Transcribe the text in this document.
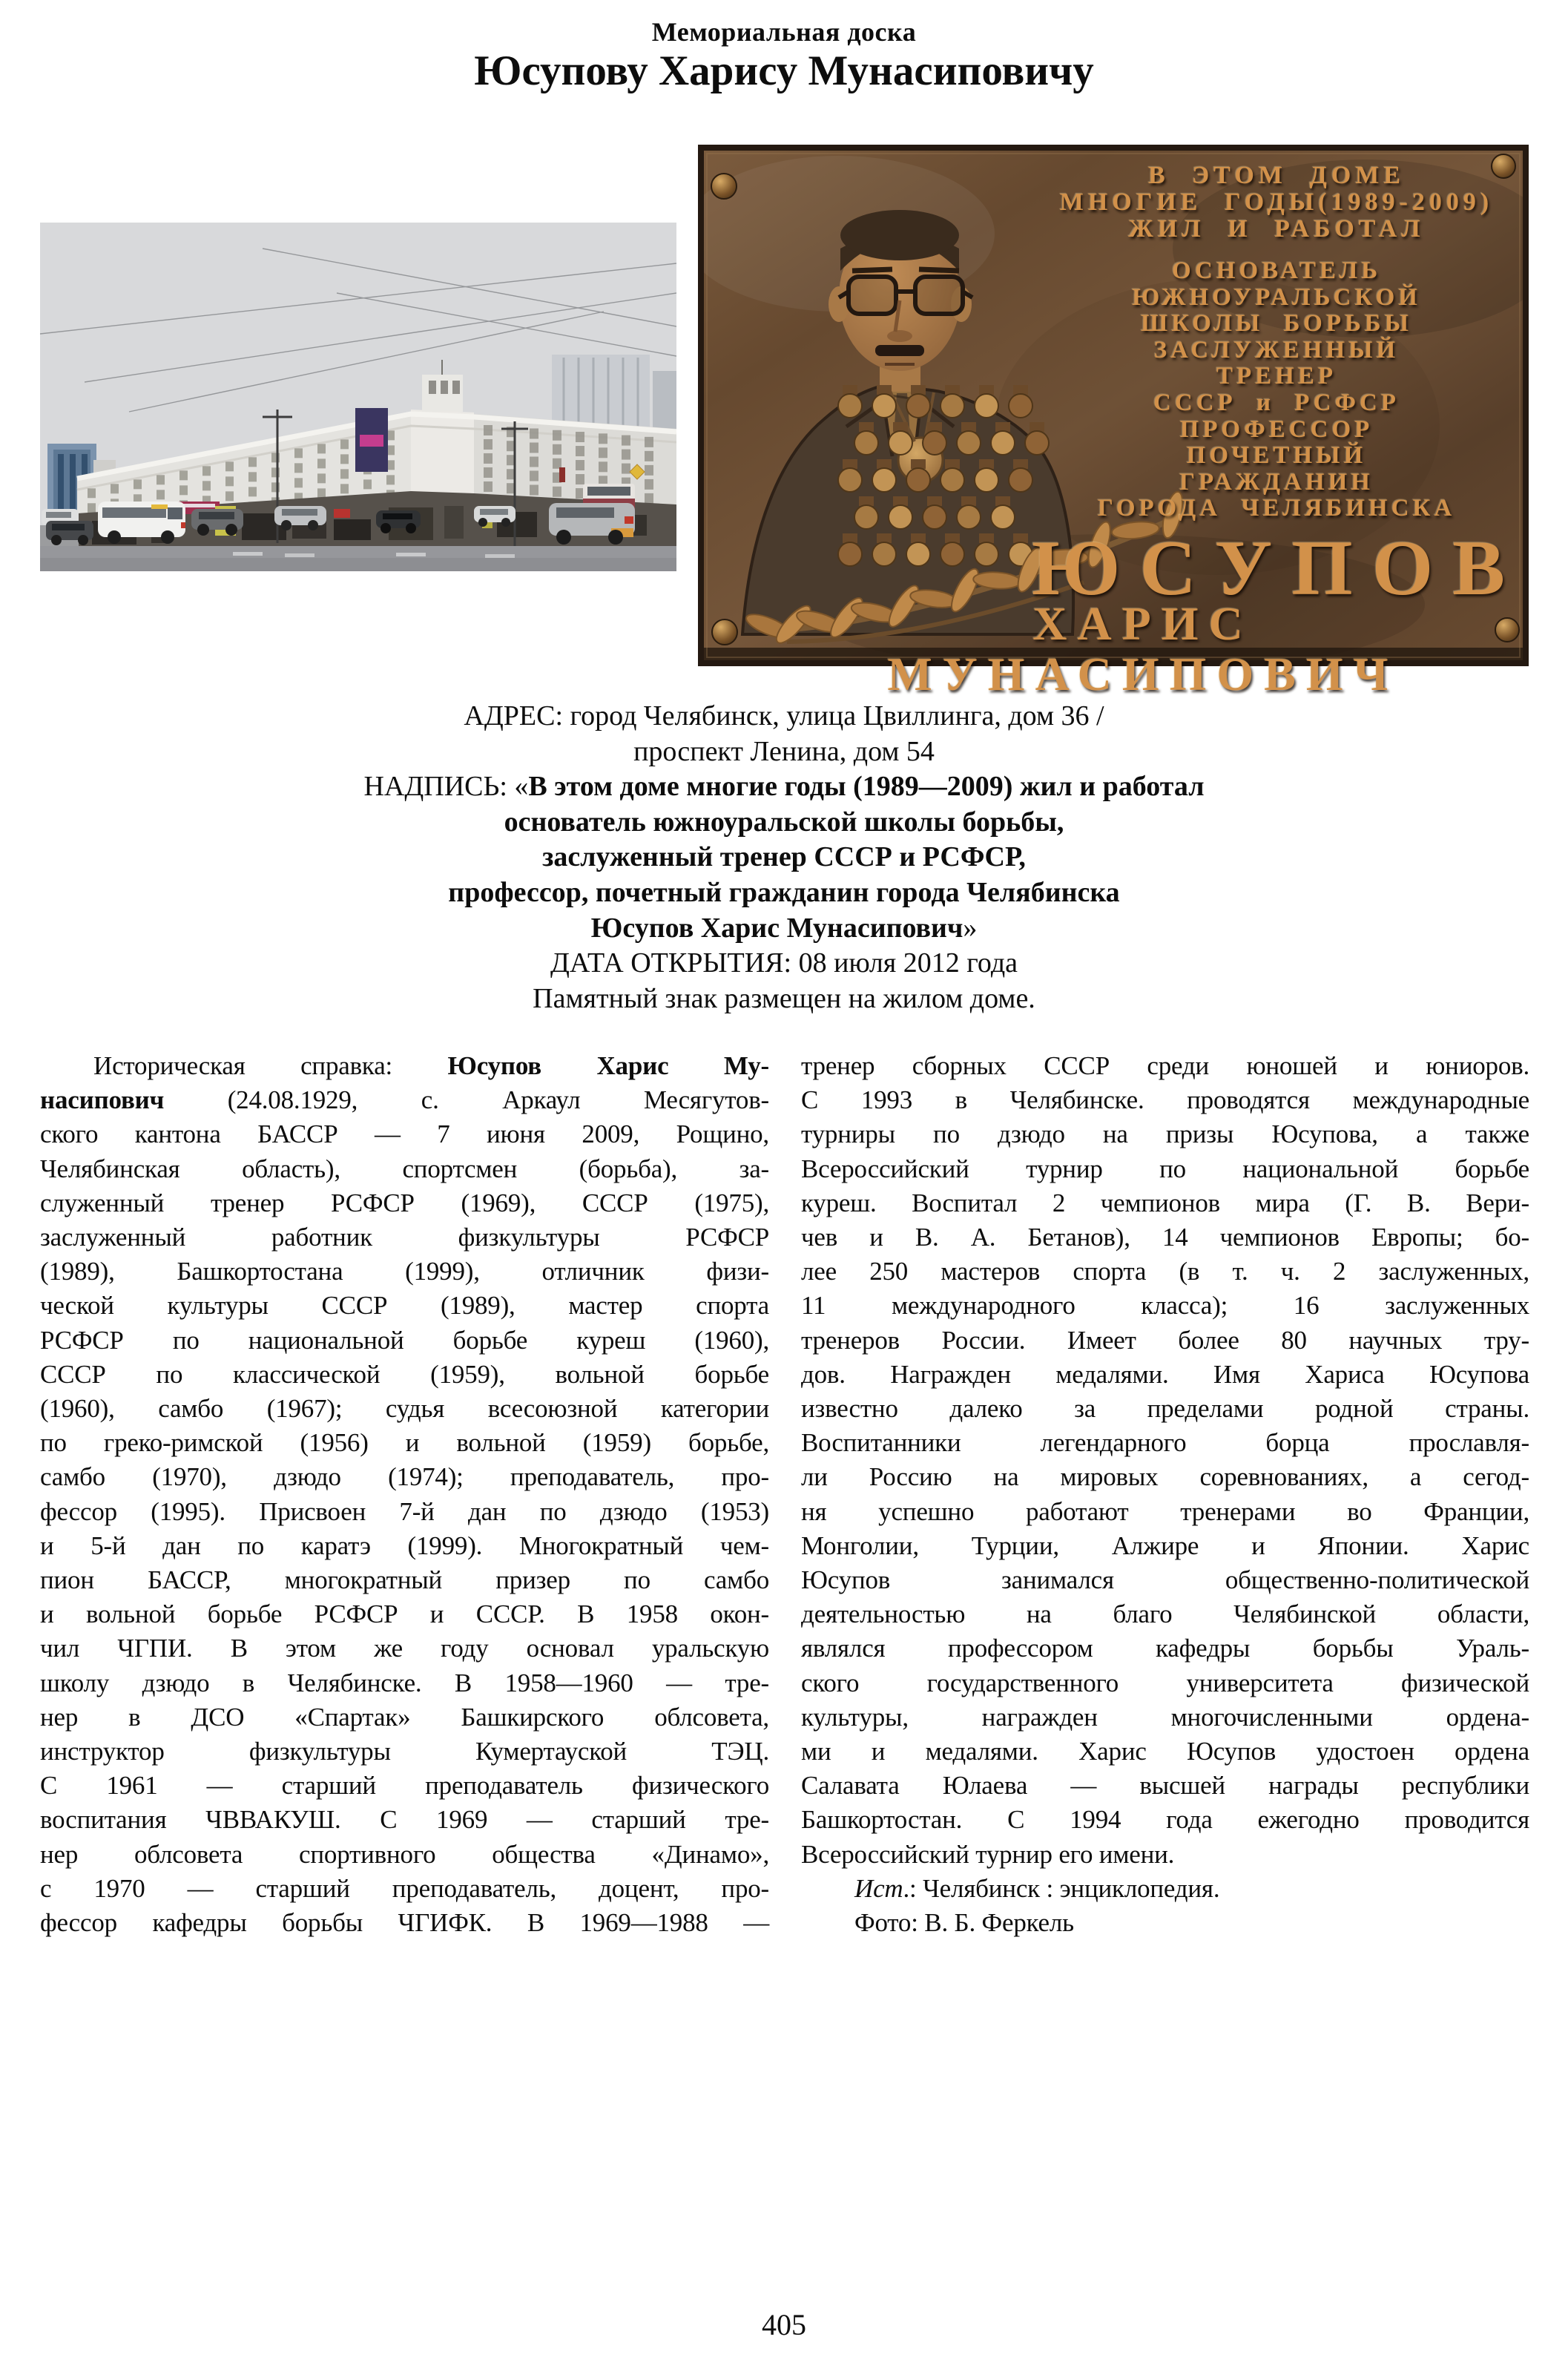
Мемориальная доска
Юсупову Харису Мунасиповичу
В ЭТОМ ДОМЕ
МНОГИЕ ГОДЫ(1989-2009)
ЖИЛ И РАБОТАЛ
ОСНОВАТЕЛЬ
ЮЖНОУРАЛЬСКОЙ
ШКОЛЫ БОРЬБЫ
ЗАСЛУЖЕННЫЙ
ТРЕНЕР
СССР и РСФСР
ПРОФЕССОР
ПОЧЕТНЫЙ
ГРАЖДАНИН
ГОРОДА ЧЕЛЯБИНСКА
ЮСУПОВ
ХАРИС МУНАСИПОВИЧ
АДРЕС: город Челябинск, улица Цвиллинга, дом 36 /
проспект Ленина, дом 54
НАДПИСЬ: «В этом доме многие годы (1989—2009) жил и работал
основатель южноуральской школы борьбы,
заслуженный тренер СССР и РСФСР,
профессор, почетный гражданин города Челябинска
Юсупов Харис Мунасипович»
ДАТА ОТКРЫТИЯ: 08 июля 2012 года
Памятный знак размещен на жилом доме.
Историческая справка: Юсупов Харис Му-
насипович (24.08.1929, с. Аркаул Месягутов-
ского кантона БАССР — 7 июня 2009, Рощино,
Челябинская область), спортсмен (борьба), за-
служенный тренер РСФСР (1969), СССР (1975),
заслуженный работник физкультуры РСФСР
(1989), Башкортостана (1999), отличник физи-
ческой культуры СССР (1989), мастер спорта
РСФСР по национальной борьбе куреш (1960),
СССР по классической (1959), вольной борьбе
(1960), самбо (1967); судья всесоюзной категории
по греко-римской (1956) и вольной (1959) борьбе,
самбо (1970), дзюдо (1974); преподаватель, про-
фессор (1995). Присвоен 7-й дан по дзюдо (1953)
и 5-й дан по каратэ (1999). Многократный чем-
пион БАССР, многократный призер по самбо
и вольной борьбе РСФСР и СССР. В 1958 окон-
чил ЧГПИ. В этом же году основал уральскую
школу дзюдо в Челябинске. В 1958—1960 — тре-
нер в ДСО «Спартак» Башкирского облсовета,
инструктор физкультуры Кумертауской ТЭЦ.
С 1961 — старший преподаватель физического
воспитания ЧВВАКУШ. С 1969 — старший тре-
нер облсовета спортивного общества «Динамо»,
с 1970 — старший преподаватель, доцент, про-
фессор кафедры борьбы ЧГИФК. В 1969—1988 —
тренер сборных СССР среди юношей и юниоров.
С 1993 в Челябинске. проводятся международные
турниры по дзюдо на призы Юсупова, а также
Всероссийский турнир по национальной борьбе
куреш. Воспитал 2 чемпионов мира (Г. В. Вери-
чев и В. А. Бетанов), 14 чемпионов Европы; бо-
лее 250 мастеров спорта (в т. ч. 2 заслуженных,
11 международного класса); 16 заслуженных
тренеров России. Имеет более 80 научных тру-
дов. Награжден медалями. Имя Хариса Юсупова
известно далеко за пределами родной страны.
Воспитанники легендарного борца прославля-
ли Россию на мировых соревнованиях, а сегод-
ня успешно работают тренерами во Франции,
Монголии, Турции, Алжире и Японии. Харис
Юсупов занимался общественно-политической
деятельностью на благо Челябинской области,
являлся профессором кафедры борьбы Ураль-
ского государственного университета физической
культуры, награжден многочисленными ордена-
ми и медалями. Харис Юсупов удостоен ордена
Салавата Юлаева — высшей награды республики
Башкортостан. С 1994 года ежегодно проводится
Всероссийский турнир его имени.
Ист.: Челябинск : энциклопедия.
Фото: В. Б. Феркель
405
